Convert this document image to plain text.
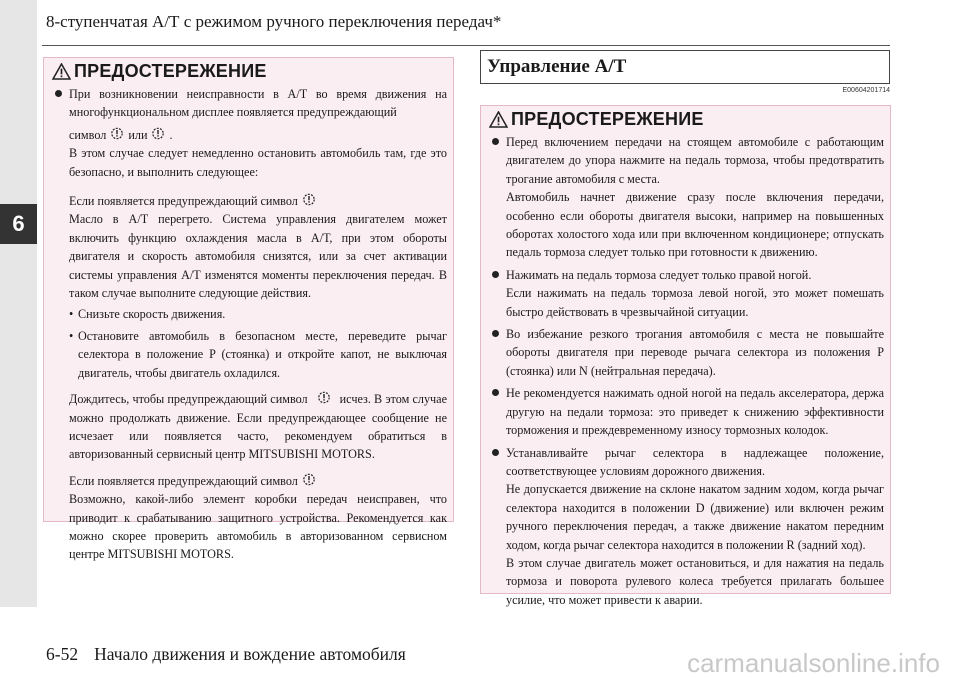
6
8-ступенчатая А/Т с режимом ручного переключения передач*
ПРЕДОСТЕРЕЖЕНИЕ
При возникновении неисправности в А/Т во время движения на многофункциональном дисплее появляется предупреждающий
символ или .
В этом случае следует немедленно остановить автомобиль там, где это безопасно, и выполнить следующее:
Если появляется предупреждающий символ
Масло в А/Т перегрето. Система управления двигателем может включить функцию охлаждения масла в А/Т, при этом обороты двигателя и скорость автомобиля снизятся, или за счет активации системы управления А/Т изменятся моменты переключения передач. В таком случае выполните следующие действия.
• Снизьте скорость движения.
• Остановите автомобиль в безопасном месте, переведите рычаг селектора в положение P (стоянка) и откройте капот, не выключая двигатель, чтобы двигатель охладился.
Дождитесь, чтобы предупреждающий символ	исчез. В этом случае можно продолжать движение. Если предупреждающее сообщение не исчезает или появляется часто, рекомендуем обратиться в авторизованный сервисный центр MITSUBISHI MOTORS.
Если появляется предупреждающий символ
Возможно, какой-либо элемент коробки передач неисправен, что приводит к срабатыванию защитного устройства. Рекомендуется как можно скорее проверить автомобиль в авторизованном сервисном центре MITSUBISHI MOTORS.
Управление А/Т
E00604201714
ПРЕДОСТЕРЕЖЕНИЕ
Перед включением передачи на стоящем автомобиле с работающим двигателем до упора нажмите на педаль тормоза, чтобы предотвратить трогание автомобиля с места.
Автомобиль начнет движение сразу после включения передачи, особенно если обороты двигателя высоки, например на повышенных оборотах холостого хода или при включенном кондиционере; отпускать педаль тормоза следует только при готовности к движению.
Нажимать на педаль тормоза следует только правой ногой.
Если нажимать на педаль тормоза левой ногой, это может помешать быстро действовать в чрезвычайной ситуации.
Во избежание резкого трогания автомобиля с места не повышайте обороты двигателя при переводе рычага селектора из положения P (стоянка) или N (нейтральная передача).
Не рекомендуется нажимать одной ногой на педаль акселератора, держа другую на педали тормоза: это приведет к снижению эффективности торможения и преждевременному износу тормозных колодок.
Устанавливайте рычаг селектора в надлежащее положение, соответствующее условиям дорожного движения.
Не допускается движение на склоне накатом задним ходом, когда рычаг селектора находится в положении D (движение) или включен режим ручного переключения передач, а также движение накатом передним ходом, когда рычаг селектора находится в положении R (задний ход).
В этом случае двигатель может остановиться, и для нажатия на педаль тормоза и поворота рулевого колеса требуется прилагать большее усилие, что может привести к аварии.
6-52 Начало движения и вождение автомобиля	carmanualsonline.info
